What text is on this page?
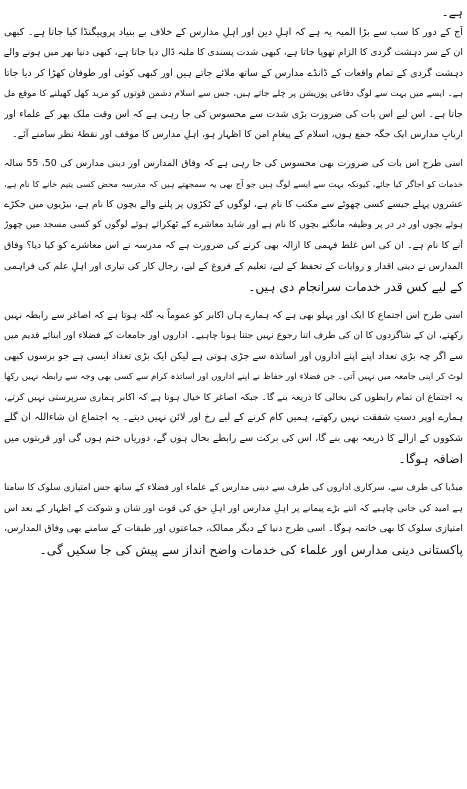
ہے۔
آج کے دور کا سب سے بڑا المیہ یہ ہے کہ اہلِ دین اور اہلِ مدارس کے خلاف بے بنیاد پروپیگنڈا کیا جاتا ہے۔ کبھی
ان کے سر دہشت گردی کا الزام تھوپا جاتا ہے، کبھی شدت پسندی کا ملبہ ڈال دیا جاتا ہے، کبھی دنیا بھر میں ہونے والے
دہشت گردی کے تمام واقعات کے ڈانڈے مدارس کے ساتھ ملائے جاتے ہیں اور کبھی کوئی اور طوفان کھڑا کر دیا جاتا
ہے۔ ایسے میں بہت سے لوگ دفاعی پوزیشن پر چلے جاتے ہیں، جس سے اسلام دشمن قوتوں کو مزید کھل کھیلنے کا موقع مل
جاتا ہے۔ اس لیے اس بات کی ضرورت بڑی شدت سے محسوس کی جا رہی ہے کہ اس وقت ملک بھر کے علماء اور
اربابِ مدارس ایک جگہ جمع ہوں، اسلام کے پیغامِ امن کا اظہار ہو، اہلِ مدارس کا موقف اور نقطۂ نظر سامنے آئے۔
اسی طرح اس بات کی ضرورت بھی محسوس کی جا رہی ہے کہ وفاق المدارس اور دینی مدارس کی 50، 55 سالہ
خدمات کو اجاگر کیا جائے، کیونکہ بہت سے ایسے لوگ ہیں جو آج بھی یہ سمجھتے ہیں کہ مدرسہ محض کسی یتیم خانے کا نام ہے،
عشروں پہلے جیسے کسی چھوٹے سے مکتب کا نام ہے، لوگوں کے ٹکڑوں پر پلنے والے بچوں کا نام ہے، بیڑیوں میں جکڑے
ہوئے بچوں اور در در پر وظیفہ مانگتے بچوں کا نام ہے اور شاید معاشرے کے ٹھکرائے ہوئے لوگوں کو کسی مسجد میں چھوڑ
آنے کا نام ہے۔ ان کی اس غلط فہمی کا ازالہ بھی کرنے کی ضرورت ہے کہ مدرسہ نے اس معاشرے کو کیا دیا؟ وفاق
المدارس نے دینی اقدار و روایات کے تحفظ کے لیے، تعلیم کے فروغ کے لیے، رجال کار کی تیاری اور اہلِ علم کی فراہمی
کے لیے کس قدر خدمات سرانجام دی ہیں۔
اسی طرح اس اجتماع کا ایک اور پہلو بھی ہے کہ ہمارے ہاں اکابر کو عموماً یہ گلہ ہوتا ہے کہ اصاغر سے رابطہ نہیں
رکھتے، ان کے شاگردوں کا ان کی طرف اتنا رجوع نہیں جتنا ہونا چاہیے۔ اداروں اور جامعات کے فضلاء اور ابنائے قدیم میں
سے اگر چہ بڑی تعداد اپنے اپنے اداروں اور اساتذہ سے جڑی ہوتی ہے لیکن ایک بڑی تعداد ایسی ہے جو برسوں کبھی
لوٹ کر اپنی جامعہ میں نہیں آتی۔ جن فضلاء اور حفاظ نے اپنے اداروں اور اساتذہ کرام سے کسی بھی وجہ سے رابطہ نہیں رکھا
یہ اجتماع ان تمام رابطوں کی بحالی کا ذریعہ بنے گا۔ جبکہ اصاغر کا خیال ہوتا ہے کہ اکابر ہماری سرپرستی نہیں کرتے،
ہمارے اوپر دستِ شفقت نہیں رکھتے، ہمیں کام کرنے کے لیے رخ اور لائن نہیں دیتے۔ یہ اجتماع ان شاءاللہ ان گلے
شکووں کے ازالے کا ذریعہ بھی بنے گا، اس کی برکت سے رابطے بحال ہوں گے، دوریاں ختم ہوں گی اور قربتوں میں
اضافہ ہوگا۔
میڈیا کی طرف سے، سرکاری اداروں کی طرف سے دینی مدارس کے علماء اور فضلاء کے ساتھ جس امتیازی سلوک کا سامنا
ہے امید کی جانی چاہیے کہ اتنے بڑے پیمانے پر اہلِ مدارس اور اہلِ حق کی قوت اور شان و شوکت کے اظہار کے بعد اس
امتیازی سلوک کا بھی خاتمہ ہوگا۔ اسی طرح دنیا کے دیگر ممالک، جماعتوں اور طبقات کے سامنے بھی وفاق المدارس،
پاکستانی دینی مدارس اور علماء کی خدمات واضح انداز سے پیش کی جا سکیں گی۔
